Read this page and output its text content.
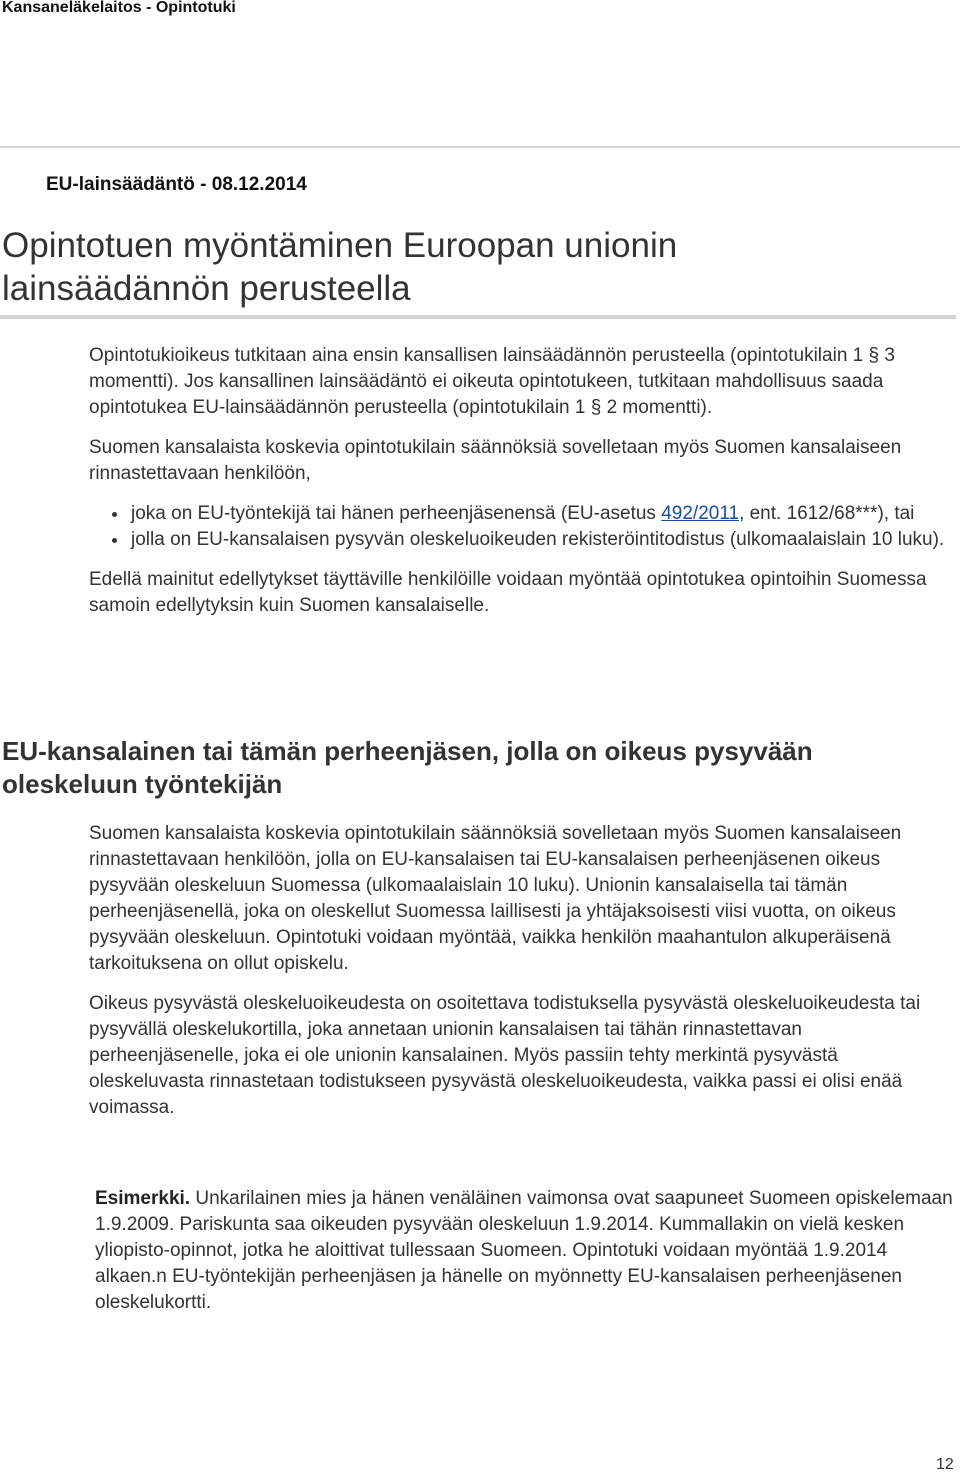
Kansaneläkelaitos - Opintotuki

EU-lainsäädäntö - 08.12.2014

Opintotuen myöntäminen Euroopan unionin
lainsäädännön perusteella

Opintotukioikeus tutkitaan aina ensin kansallisen lainsäädännön perusteella (opintotukilain 1 § 3 momentti). Jos kansallinen lainsäädäntö ei oikeuta opintotukeen, tutkitaan mahdollisuus saada opintotukea EU-lainsäädännön perusteella (opintotukilain 1 § 2 momentti).

Suomen kansalaista koskevia opintotukilain säännöksiä sovelletaan myös Suomen kansalaiseen rinnastettavaan henkilöön,

joka on EU-työntekijä tai hänen perheenjäsenensä (EU-asetus 492/2011, ent. 1612/68***), tai
jolla on EU-kansalaisen pysyvän oleskeluoikeuden rekisteröintitodistus (ulkomaalaislain 10 luku).

Edellä mainitut edellytykset täyttäville henkilöille voidaan myöntää opintotukea opintoihin Suomessa samoin edellytyksin kuin Suomen kansalaiselle.

EU-kansalainen tai tämän perheenjäsen, jolla on oikeus pysyvään oleskeluun työntekijän

Suomen kansalaista koskevia opintotukilain säännöksiä sovelletaan myös Suomen kansalaiseen rinnastettavaan henkilöön, jolla on EU-kansalaisen tai EU-kansalaisen perheenjäsenen oikeus pysyvään oleskeluun Suomessa (ulkomaalaislain 10 luku). Unionin kansalaisella tai tämän perheenjäsenellä, joka on oleskellut Suomessa laillisesti ja yhtäjaksoisesti viisi vuotta, on oikeus pysyvään oleskeluun. Opintotuki voidaan myöntää, vaikka henkilön maahantulon alkuperäisenä tarkoituksena on ollut opiskelu.

Oikeus pysyvästä oleskeluoikeudesta on osoitettava todistuksella pysyvästä oleskeluoikeudesta tai pysyvällä oleskelukortilla, joka annetaan unionin kansalaisen tai tähän rinnastettavan perheenjäsenelle, joka ei ole unionin kansalainen. Myös passiin tehty merkintä pysyvästä oleskeluvasta rinnastetaan todistukseen pysyvästä oleskeluoikeudesta, vaikka passi ei olisi enää voimassa.

Esimerkki. Unkarilainen mies ja hänen venäläinen vaimonsa ovat saapuneet Suomeen opiskelemaan 1.9.2009. Pariskunta saa oikeuden pysyvään oleskeluun 1.9.2014. Kummallakin on vielä kesken yliopisto-opinnot, jotka he aloittivat tullessaan Suomeen. Opintotuki voidaan myöntää 1.9.2014 alkaen.n EU-työntekijän perheenjäsen ja hänelle on myönnetty EU-kansalaisen perheenjäsenen oleskelukortti.

12
